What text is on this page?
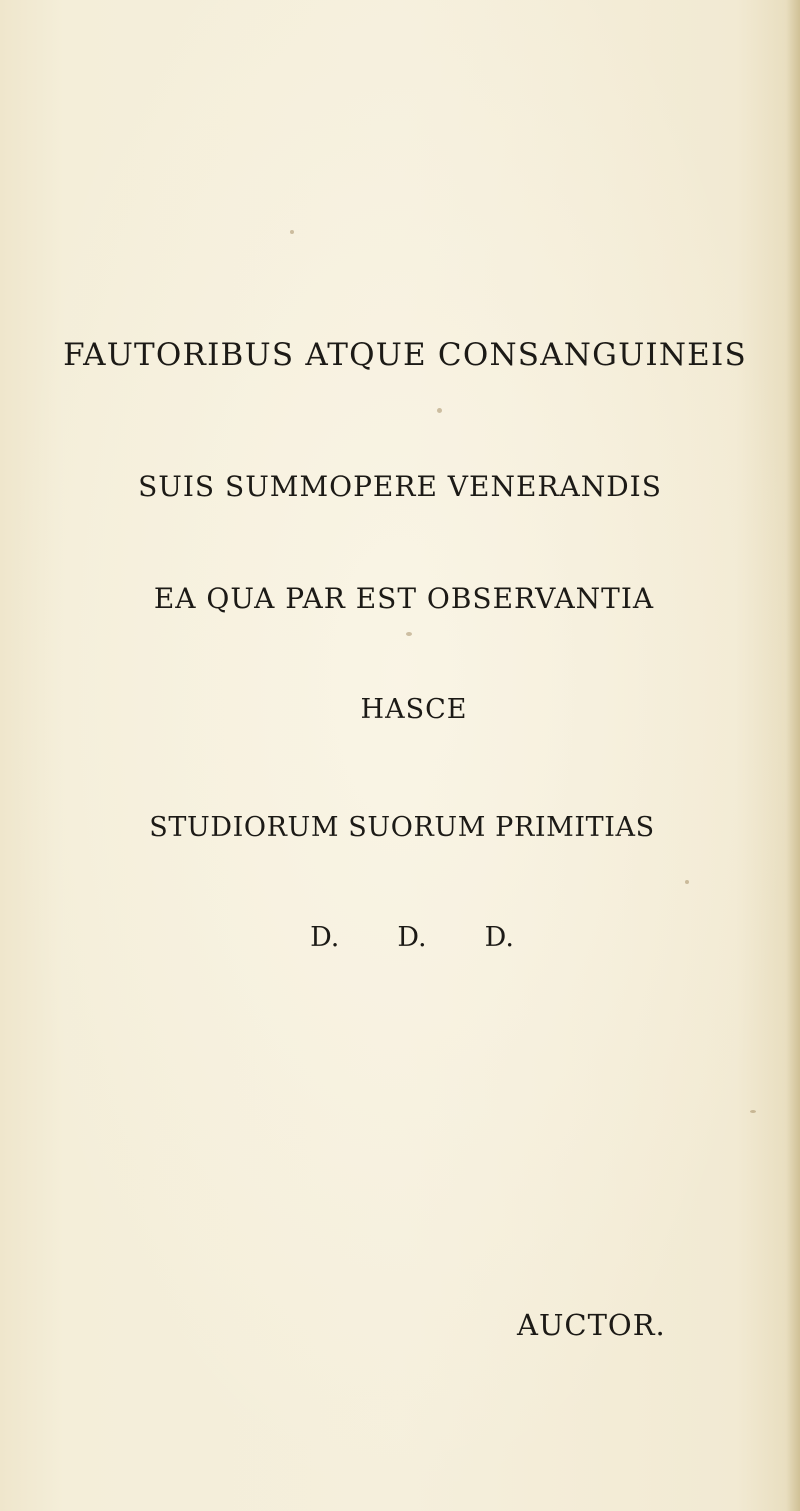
FAUTORIBUS ATQUE CONSANGUINEIS
SUIS SUMMOPERE VENERANDIS
EA QUA PAR EST OBSERVANTIA
HASCE
STUDIORUM SUORUM PRIMITIAS
D. D. D.
AUCTOR.
